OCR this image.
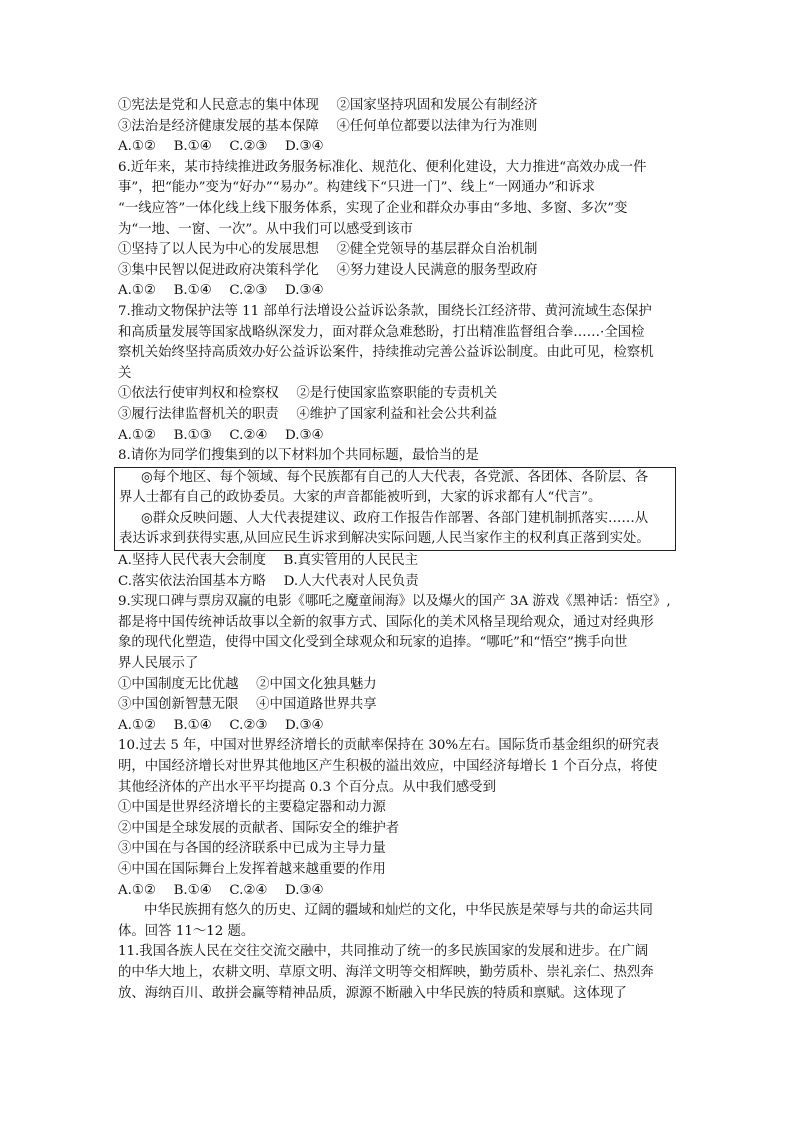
①宪法是党和人民意志的集中体现　 ②国家坚持巩固和发展公有制经济
③法治是经济健康发展的基本保障　 ④任何单位都要以法律为行为准则
A.①②　 B.①④　 C.②③　 D.③④
6.近年来，某市持续推进政务服务标准化、规范化、便利化建设，大力推进“高效办成一件
事”，把“能办”变为“好办”“易办”。构建线下“只进一门”、线上“一网通办”和诉求
“一线应答”一体化线上线下服务体系，实现了企业和群众办事由“多地、多窗、多次”变
为“一地、一窗、一次”。从中我们可以感受到该市
①坚持了以人民为中心的发展思想　 ②健全党领导的基层群众自治机制
③集中民智以促进政府决策科学化　 ④努力建设人民满意的服务型政府
A.①②　 B.①④　 C.②③　 D.③④
7.推动文物保护法等 11 部单行法增设公益诉讼条款，围绕长江经济带、黄河流域生态保护
和高质量发展等国家战略纵深发力，面对群众急难愁盼，打出精准监督组合拳……·全国检
察机关始终坚持高质效办好公益诉讼案件，持续推动完善公益诉讼制度。由此可见，检察机
关
①依法行使审判权和检察权　 ②是行使国家监察职能的专责机关
③履行法律监督机关的职责　 ④维护了国家利益和社会公共利益
A.①②　 B.①③　 C.②④　 D.③④
8.请你为同学们搜集到的以下材料加个共同标题，最恰当的是
◎每个地区、每个领域、每个民族都有自己的人大代表，各党派、各团体、各阶层、各
界人士都有自己的政协委员。大家的声音都能被听到，大家的诉求都有人“代言”。
◎群众反映问题、人大代表提建议、政府工作报告作部署、各部门建机制抓落实……从
表达诉求到获得实惠,从回应民生诉求到解决实际问题,人民当家作主的权利真正落到实处。
A.坚持人民代表大会制度　 B.真实管用的人民民主
C.落实依法治国基本方略　 D.人大代表对人民负责
9.实现口碑与票房双赢的电影《哪吒之魔童闹海》以及爆火的国产 3A 游戏《黑神话：悟空》,
都是将中国传统神话故事以全新的叙事方式、国际化的美术风格呈现给观众，通过对经典形
象的现代化塑造，使得中国文化受到全球观众和玩家的追捧。“哪吒”和“悟空”携手向世
界人民展示了
①中国制度无比优越　 ②中国文化独具魅力
③中国创新智慧无限　 ④中国道路世界共享
A.①②　 B.①④　 C.②③　 D.③④
10.过去 5 年，中国对世界经济增长的贡献率保持在 30%左右。国际货币基金组织的研究表
明，中国经济增长对世界其他地区产生积极的溢出效应，中国经济每增长 1 个百分点，将使
其他经济体的产出水平平均提高 0.3 个百分点。从中我们感受到
①中国是世界经济增长的主要稳定器和动力源
②中国是全球发展的贡献者、国际安全的维护者
③中国在与各国的经济联系中已成为主导力量
④中国在国际舞台上发挥着越来越重要的作用
A.①②　 B.①④　 C.②④　 D.③④
中华民族拥有悠久的历史、辽阔的疆域和灿烂的文化，中华民族是荣辱与共的命运共同
体。回答 11～12 题。
11.我国各族人民在交往交流交融中，共同推动了统一的多民族国家的发展和进步。在广阔
的中华大地上，农耕文明、草原文明、海洋文明等交相辉映，勤劳质朴、崇礼亲仁、热烈奔
放、海纳百川、敢拼会赢等精神品质，源源不断融入中华民族的特质和禀赋。这体现了
